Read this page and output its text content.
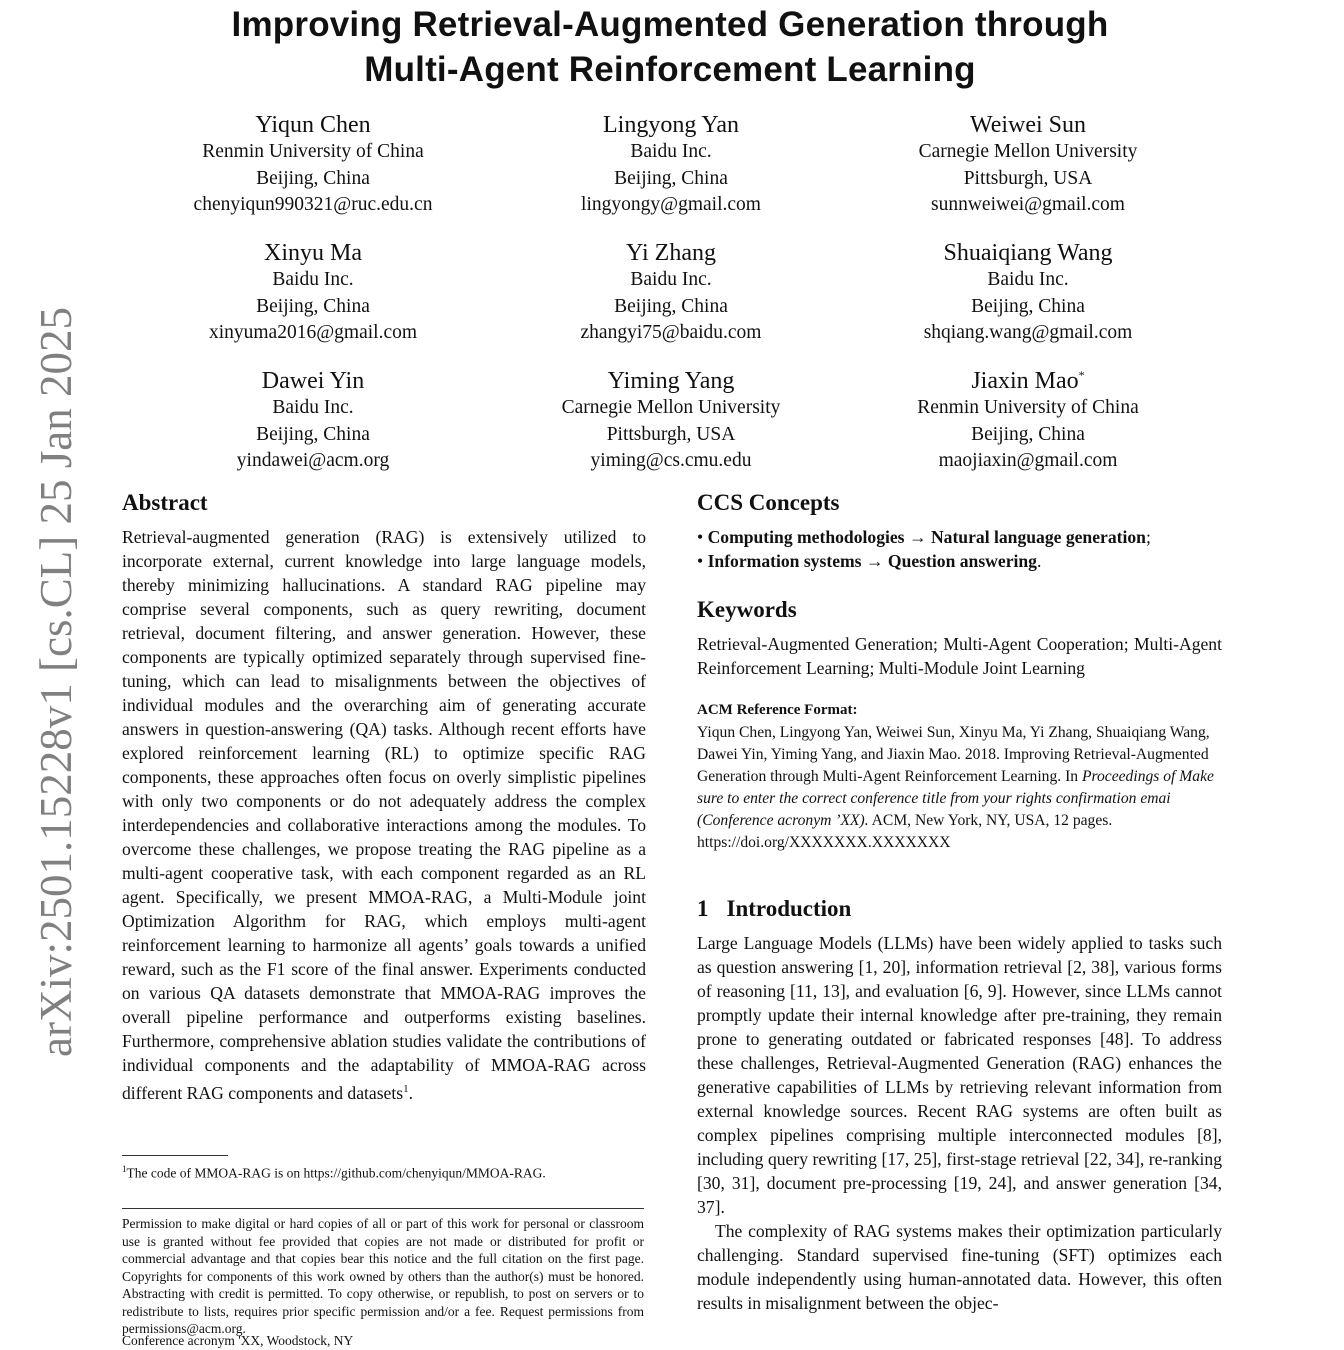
arXiv:2501.15228v1 [cs.CL] 25 Jan 2025
Improving Retrieval-Augmented Generation through
Multi-Agent Reinforcement Learning
Yiqun Chen
Renmin University of China
Beijing, China
chenyiqun990321@ruc.edu.cn
Lingyong Yan
Baidu Inc.
Beijing, China
lingyongy@gmail.com
Weiwei Sun
Carnegie Mellon University
Pittsburgh, USA
sunnweiwei@gmail.com
Xinyu Ma
Baidu Inc.
Beijing, China
xinyuma2016@gmail.com
Yi Zhang
Baidu Inc.
Beijing, China
zhangyi75@baidu.com
Shuaiqiang Wang
Baidu Inc.
Beijing, China
shqiang.wang@gmail.com
Dawei Yin
Baidu Inc.
Beijing, China
yindawei@acm.org
Yiming Yang
Carnegie Mellon University
Pittsburgh, USA
yiming@cs.cmu.edu
Jiaxin Mao*
Renmin University of China
Beijing, China
maojiaxin@gmail.com
Abstract
Retrieval-augmented generation (RAG) is extensively utilized to incorporate external, current knowledge into large language models, thereby minimizing hallucinations. A standard RAG pipeline may comprise several components, such as query rewriting, document retrieval, document filtering, and answer generation. However, these components are typically optimized separately through supervised fine-tuning, which can lead to misalignments between the objectives of individual modules and the overarching aim of generating accurate answers in question-answering (QA) tasks. Although recent efforts have explored reinforcement learning (RL) to optimize specific RAG components, these approaches often focus on overly simplistic pipelines with only two components or do not adequately address the complex interdependencies and collaborative interactions among the modules. To overcome these challenges, we propose treating the RAG pipeline as a multi-agent cooperative task, with each component regarded as an RL agent. Specifically, we present MMOA-RAG, a Multi-Module joint Optimization Algorithm for RAG, which employs multi-agent reinforcement learning to harmonize all agents’ goals towards a unified reward, such as the F1 score of the final answer. Experiments conducted on various QA datasets demonstrate that MMOA-RAG improves the overall pipeline performance and outperforms existing baselines. Furthermore, comprehensive ablation studies validate the contributions of individual components and the adaptability of MMOA-RAG across different RAG components and datasets$^1$.
$^1$The code of MMOA-RAG is on https://github.com/chenyiqun/MMOA-RAG.
Permission to make digital or hard copies of all or part of this work for personal or classroom use is granted without fee provided that copies are not made or distributed for profit or commercial advantage and that copies bear this notice and the full citation on the first page. Copyrights for components of this work owned by others than the author(s) must be honored. Abstracting with credit is permitted. To copy otherwise, or republish, to post on servers or to redistribute to lists, requires prior specific permission and/or a fee. Request permissions from permissions@acm.org.
Conference acronym 'XX, Woodstock, NY
CCS Concepts
• Computing methodologies → Natural language generation;
• Information systems → Question answering.
Keywords
Retrieval-Augmented Generation; Multi-Agent Cooperation; Multi-Agent Reinforcement Learning; Multi-Module Joint Learning
ACM Reference Format:
Yiqun Chen, Lingyong Yan, Weiwei Sun, Xinyu Ma, Yi Zhang, Shuaiqiang Wang, Dawei Yin, Yiming Yang, and Jiaxin Mao. 2018. Improving Retrieval-Augmented Generation through Multi-Agent Reinforcement Learning. In Proceedings of Make sure to enter the correct conference title from your rights confirmation emai (Conference acronym ’XX). ACM, New York, NY, USA, 12 pages. https://doi.org/XXXXXXX.XXXXXXX
1 Introduction
Large Language Models (LLMs) have been widely applied to tasks such as question answering [1, 20], information retrieval [2, 38], various forms of reasoning [11, 13], and evaluation [6, 9]. However, since LLMs cannot promptly update their internal knowledge after pre-training, they remain prone to generating outdated or fabricated responses [48]. To address these challenges, Retrieval-Augmented Generation (RAG) enhances the generative capabilities of LLMs by retrieving relevant information from external knowledge sources. Recent RAG systems are often built as complex pipelines comprising multiple interconnected modules [8], including query rewriting [17, 25], first-stage retrieval [22, 34], re-ranking [30, 31], document pre-processing [19, 24], and answer generation [34, 37].
The complexity of RAG systems makes their optimization particularly challenging. Standard supervised fine-tuning (SFT) optimizes each module independently using human-annotated data. However, this often results in misalignment between the objec-
